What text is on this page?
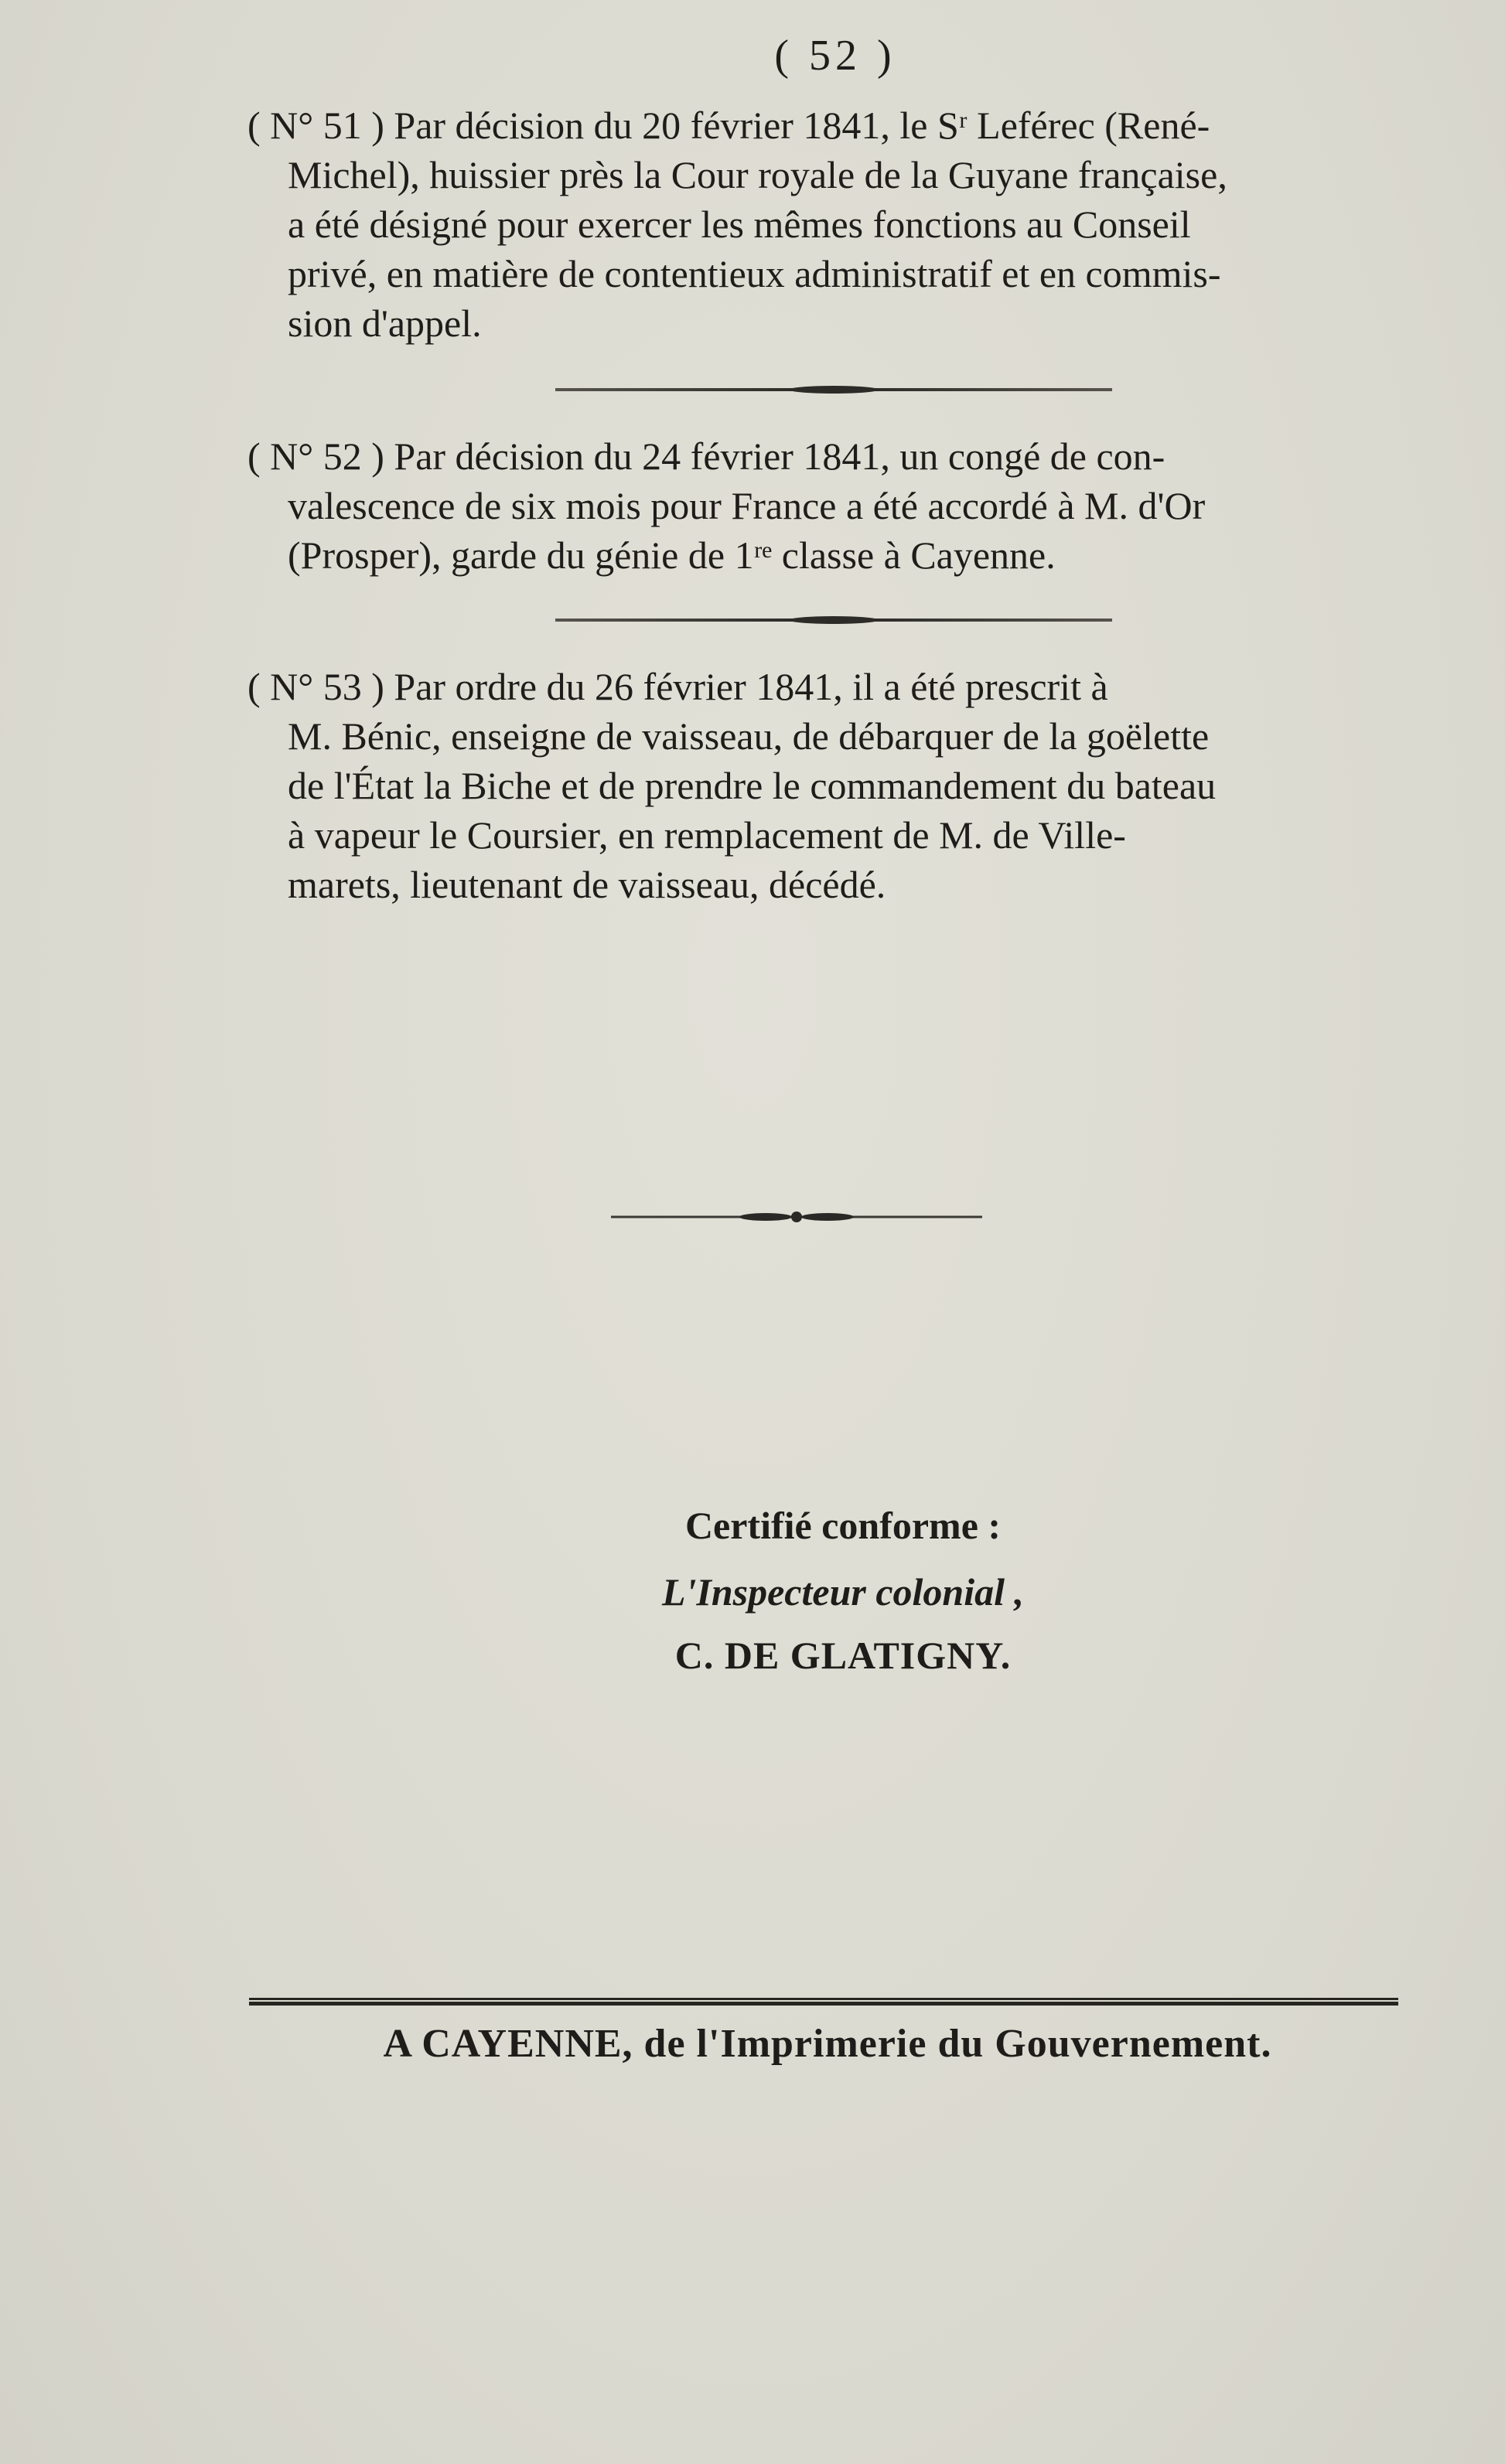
( 52 )
( N° 51 ) Par décision du 20 février 1841, le Sʳ Leférec (René-
Michel), huissier près la Cour royale de la Guyane française,
a été désigné pour exercer les mêmes fonctions au Conseil
privé, en matière de contentieux administratif et en commis-
sion d'appel.
( N° 52 ) Par décision du 24 février 1841, un congé de con-
valescence de six mois pour France a été accordé à M. d'Or
(Prosper), garde du génie de 1ʳᵉ classe à Cayenne.
( N° 53 ) Par ordre du 26 février 1841, il a été prescrit à
M. Bénic, enseigne de vaisseau, de débarquer de la goëlette
de l'État la Biche et de prendre le commandement du bateau
à vapeur le Coursier, en remplacement de M. de Ville-
marets, lieutenant de vaisseau, décédé.
Certifié conforme :
L'Inspecteur colonial ,
C. DE GLATIGNY.
A CAYENNE, de l'Imprimerie du Gouvernement.
